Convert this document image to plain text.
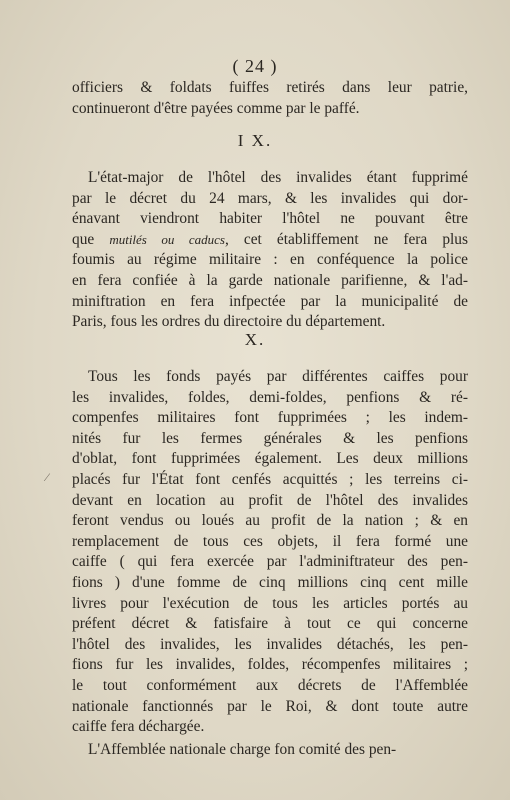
( 24 )
officiers & foldats fuiffes retirés dans leur patrie,
continueront d'être payées comme par le paffé.
I X.
L'état-major de l'hôtel des invalides étant fupprimé
par le décret du 24 mars, & les invalides qui dor-
énavant viendront habiter l'hôtel ne pouvant être
que mutilés ou caducs, cet établiffement ne fera plus
foumis au régime militaire : en conféquence la police
en fera confiée à la garde nationale parifienne, & l'ad-
miniftration en fera infpectée par la municipalité de
Paris, fous les ordres du directoire du département.
X.
Tous les fonds payés par différentes caiffes pour
les invalides, foldes, demi-foldes, penfions & ré-
compenfes militaires font fupprimées ; les indem-
nités fur les fermes générales & les penfions
d'oblat, font fupprimées également. Les deux millions
placés fur l'État font cenfés acquittés ; les terreins ci-
devant en location au profit de l'hôtel des invalides
feront vendus ou loués au profit de la nation ; & en
remplacement de tous ces objets, il fera formé une
caiffe ( qui fera exercée par l'adminiftrateur des pen-
fions ) d'une fomme de cinq millions cinq cent mille
livres pour l'exécution de tous les articles portés au
préfent décret & fatisfaire à tout ce qui concerne
l'hôtel des invalides, les invalides détachés, les pen-
fions fur les invalides, foldes, récompenfes militaires ;
le tout conformément aux décrets de l'Affemblée
nationale fanctionnés par le Roi, & dont toute autre
caiffe fera déchargée.
L'Affemblée nationale charge fon comité des pen-
⁄
